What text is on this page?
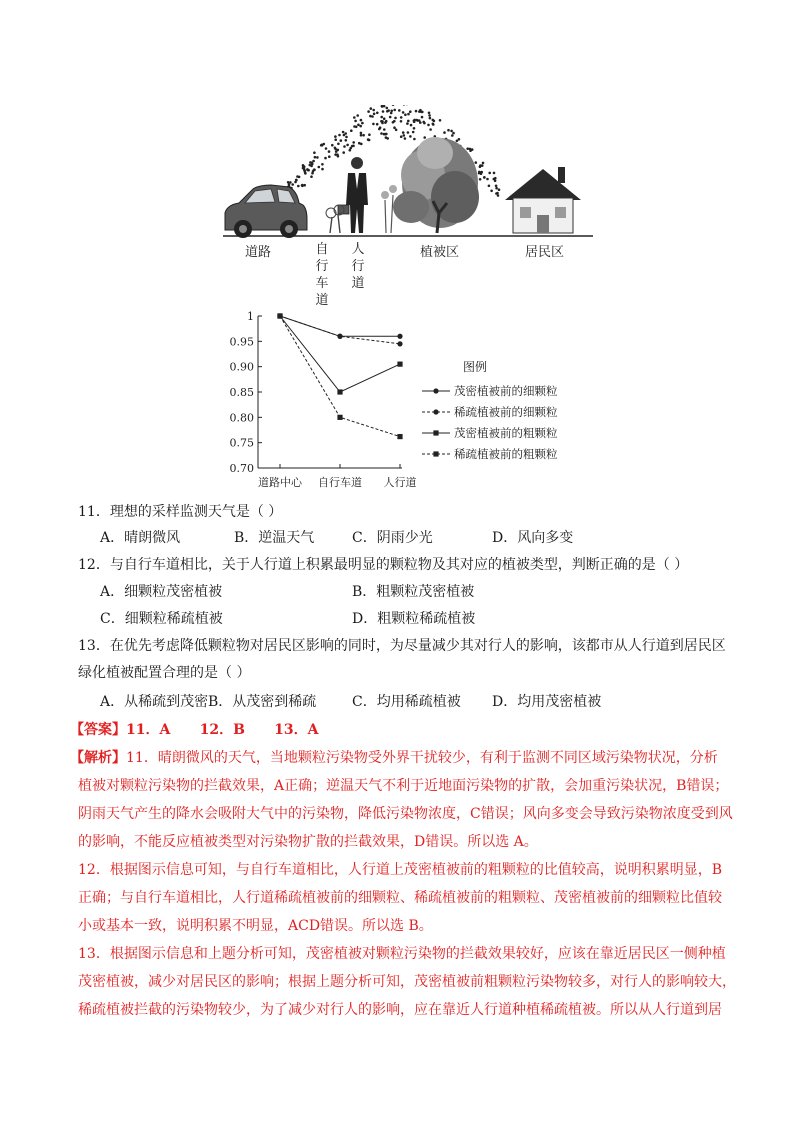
道路	自行车道
人行道
植被区	居民区
0.70
0.75
0.80
0.85
0.90
0.95
1
道路中心 自行车道 人行道
图例
茂密植被前的细颗粒
稀疏植被前的细颗粒
茂密植被前的粗颗粒
稀疏植被前的粗颗粒
11．理想的采样监测天气是（ ）
A．晴朗微风	B．逆温天气	C．阴雨少光	D．风向多变
12．与自行车道相比，关于人行道上积累最明显的颗粒物及其对应的植被类型，判断正确的是（ ）
A．细颗粒茂密植被	B．粗颗粒茂密植被
C．细颗粒稀疏植被	D．粗颗粒稀疏植被
13．在优先考虑降低颗粒物对居民区影响的同时，为尽量减少其对行人的影响，该都市从人行道到居民区
绿化植被配置合理的是（ ）
A．从稀疏到茂密 B．从茂密到稀疏	C．均用稀疏植被 D．均用茂密植被
【答案】11．A      12．B      13．A
【解析】11．晴朗微风的天气，当地颗粒污染物受外界干扰较少，有利于监测不同区域污染物状况，分析
植被对颗粒污染物的拦截效果，A正确；逆温天气不利于近地面污染物的扩散，会加重污染状况，B错误；
阴雨天气产生的降水会吸附大气中的污染物，降低污染物浓度，C错误；风向多变会导致污染物浓度受到风
的影响，不能反应植被类型对污染物扩散的拦截效果，D错误。所以选 A。
12．根据图示信息可知，与自行车道相比，人行道上茂密植被前的粗颗粒的比值较高，说明积累明显，B
正确；与自行车道相比，人行道稀疏植被前的细颗粒、稀疏植被前的粗颗粒、茂密植被前的细颗粒比值较
小或基本一致，说明积累不明显，ACD错误。所以选 B。
13．根据图示信息和上题分析可知，茂密植被对颗粒污染物的拦截效果较好，应该在靠近居民区一侧种植
茂密植被，减少对居民区的影响；根据上题分析可知，茂密植被前粗颗粒污染物较多，对行人的影响较大，
稀疏植被拦截的污染物较少，为了减少对行人的影响，应在靠近人行道种植稀疏植被。所以从人行道到居
